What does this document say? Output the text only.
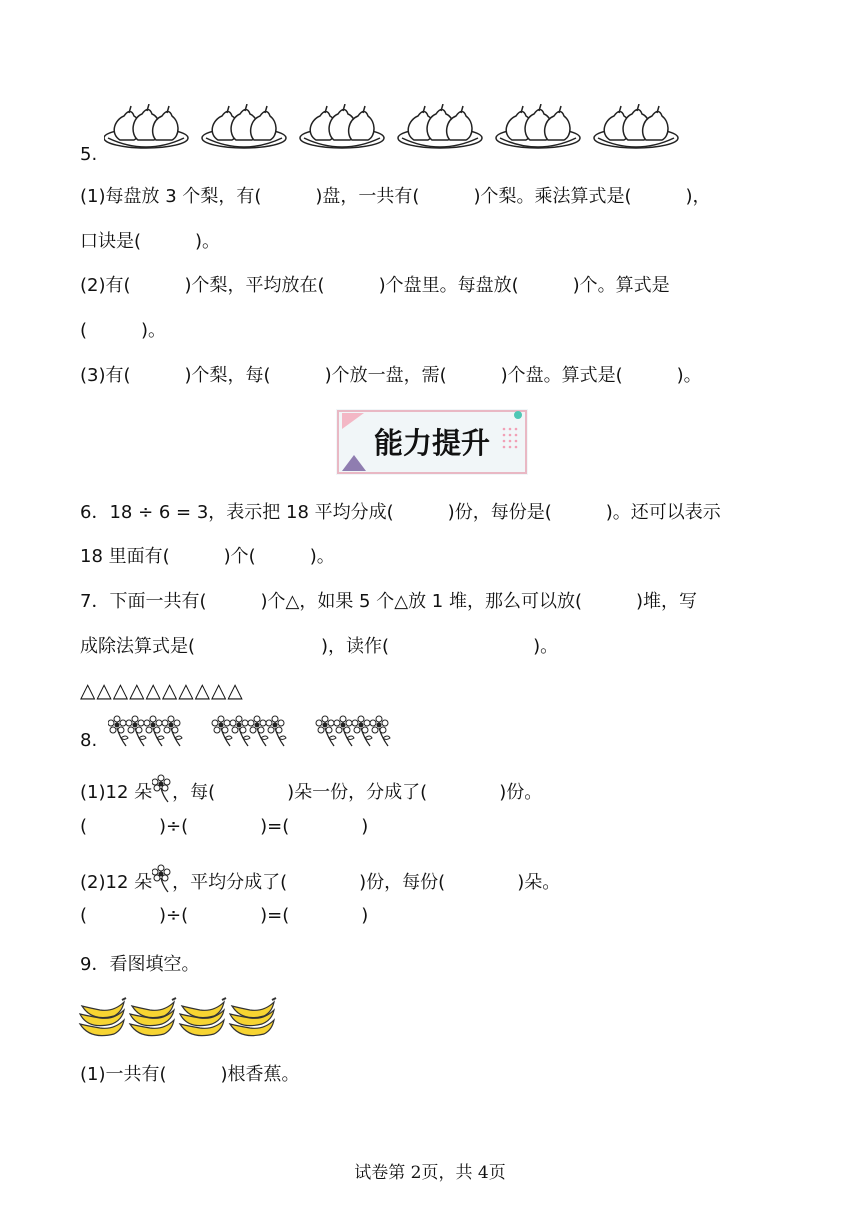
5.
(1)每盘放 3 个梨，有(　　　)盘，一共有(　　　)个梨。乘法算式是(　　　)，
口诀是(　　　)。
(2)有(　　　)个梨，平均放在(　　　)个盘里。每盘放(　　　)个。算式是
(　　　)。
(3)有(　　　)个梨，每(　　　)个放一盘，需(　　　)个盘。算式是(　　　)。
能力提升
6．18 ÷ 6 = 3，表示把 18 平均分成(　　　)份，每份是(　　　)。还可以表示
18 里面有(　　　)个(　　　)。
7．下面一共有(　　　)个△，如果 5 个△放 1 堆，那么可以放(　　　)堆，写
成除法算式是(　　　　　　　)，读作(　　　　　　　　)。
△△△△△△△△△△
8.
(1)12 朵 ，每(　　　　)朵一份，分成了(　　　　)份。
(　　　　)÷(　　　　)=(　　　　)
(2)12 朵 ，平均分成了(　　　　)份，每份(　　　　)朵。
(　　　　)÷(　　　　)=(　　　　)
9．看图填空。
(1)一共有(　　　)根香蕉。
试卷第 2页，共 4页
